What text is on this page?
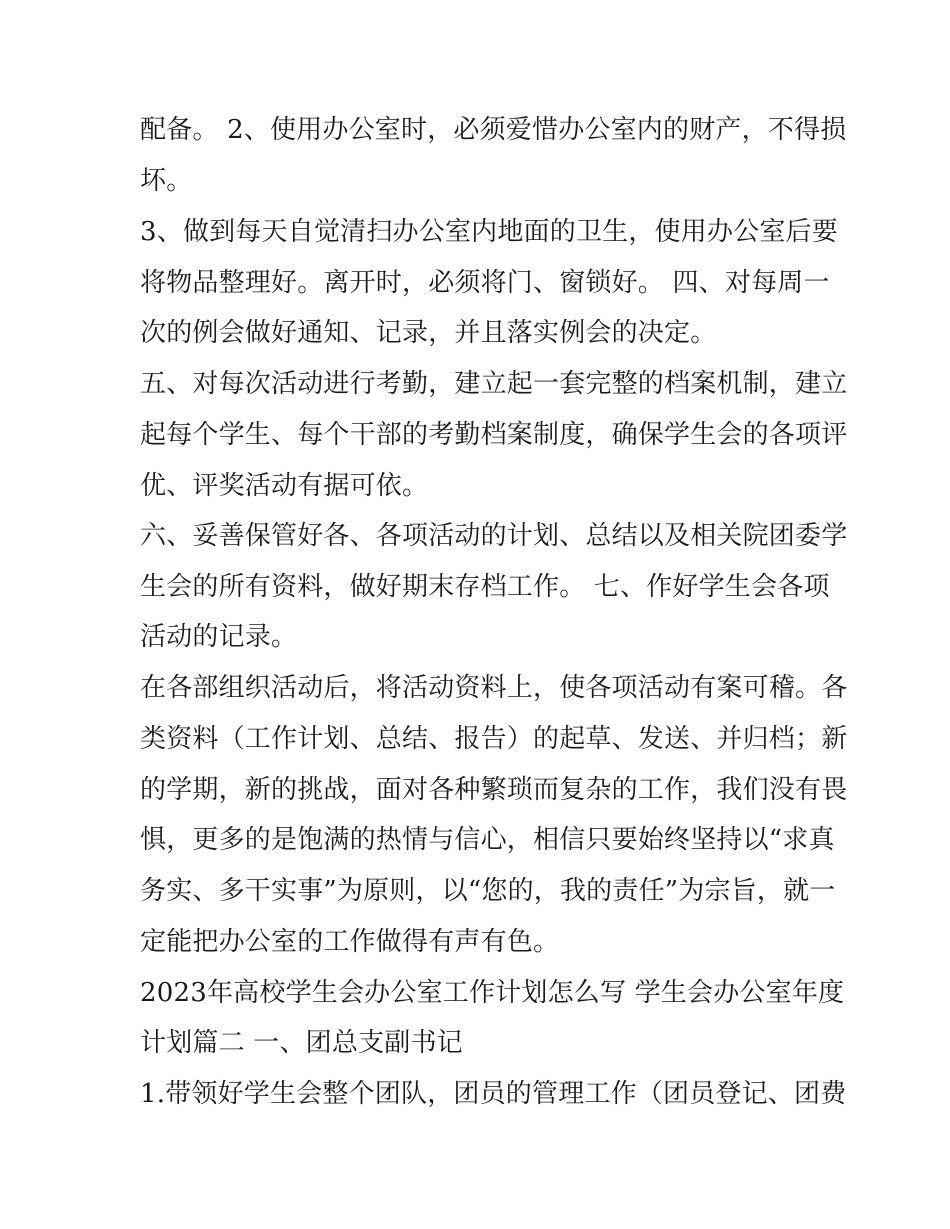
配备。 2、使用办公室时，必须爱惜办公室内的财产，不得损
坏。
3、做到每天自觉清扫办公室内地面的卫生，使用办公室后要
将物品整理好。离开时，必须将门、窗锁好。 四、对每周一
次的例会做好通知、记录，并且落实例会的决定。
五、对每次活动进行考勤，建立起一套完整的档案机制，建立
起每个学生、每个干部的考勤档案制度，确保学生会的各项评
优、评奖活动有据可依。
六、妥善保管好各、各项活动的计划、总结以及相关院团委学
生会的所有资料，做好期末存档工作。 七、作好学生会各项
活动的记录。
在各部组织活动后，将活动资料上，使各项活动有案可稽。各
类资料（工作计划、总结、报告）的起草、发送、并归档；新
的学期，新的挑战，面对各种繁琐而复杂的工作，我们没有畏
惧，更多的是饱满的热情与信心，相信只要始终坚持以“求真
务实、多干实事”为原则，以“您的，我的责任”为宗旨，就一
定能把办公室的工作做得有声有色。
2023年高校学生会办公室工作计划怎么写 学生会办公室年度
计划篇二 一、团总支副书记
1.带领好学生会整个团队，团员的管理工作（团员登记、团费
